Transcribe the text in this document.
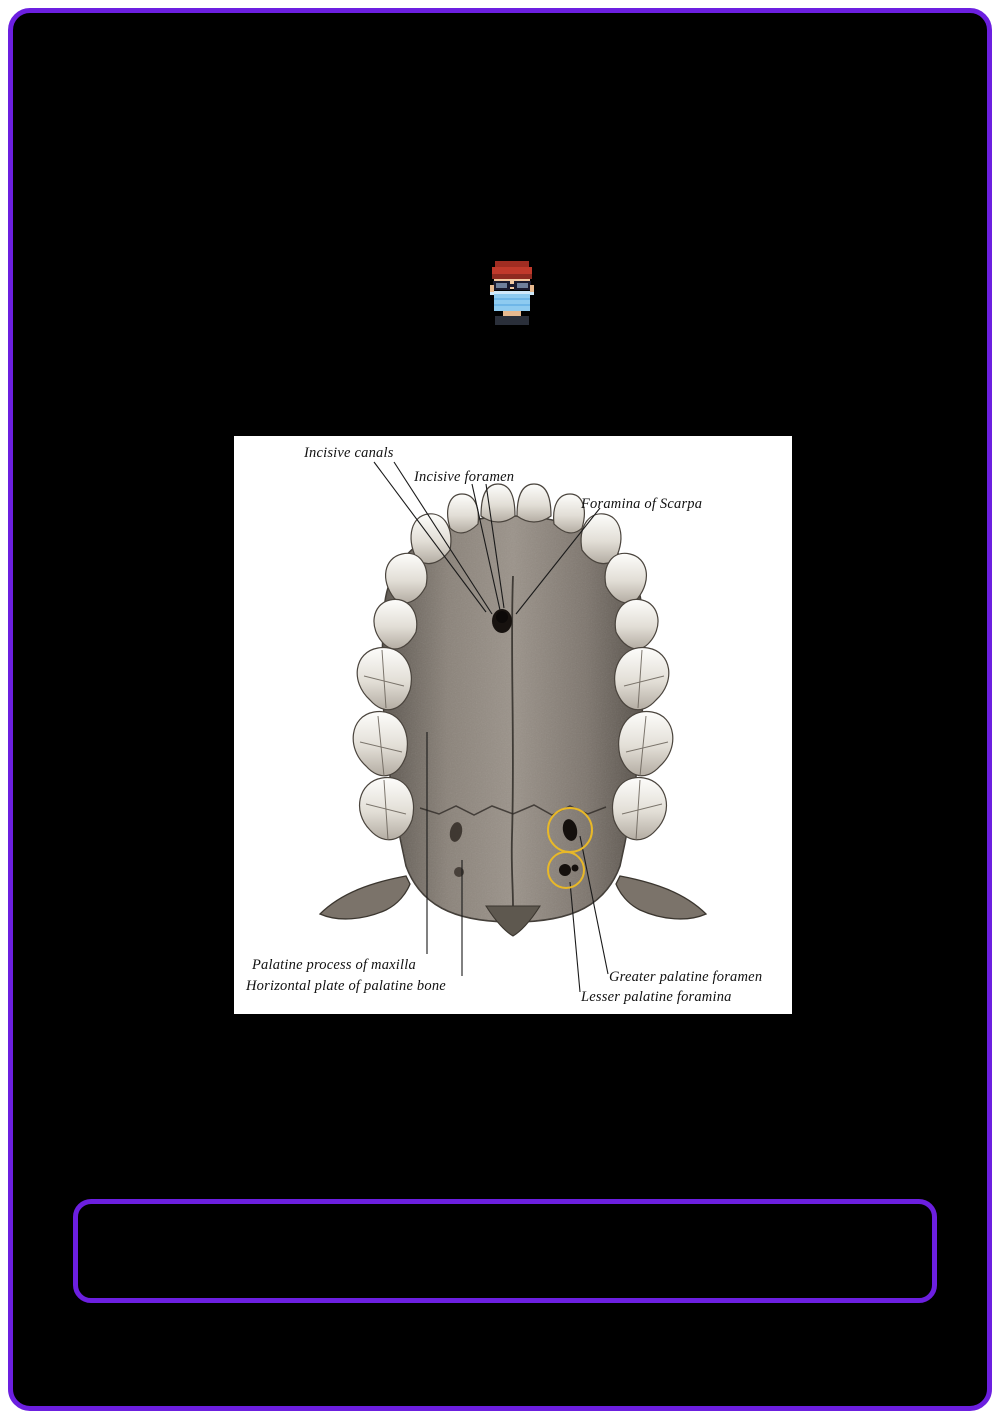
Incisive canals
Incisive foramen
Foramina of Scarpa
Palatine process of maxilla
Horizontal plate of palatine bone
Greater palatine foramen
Lesser palatine foramina
